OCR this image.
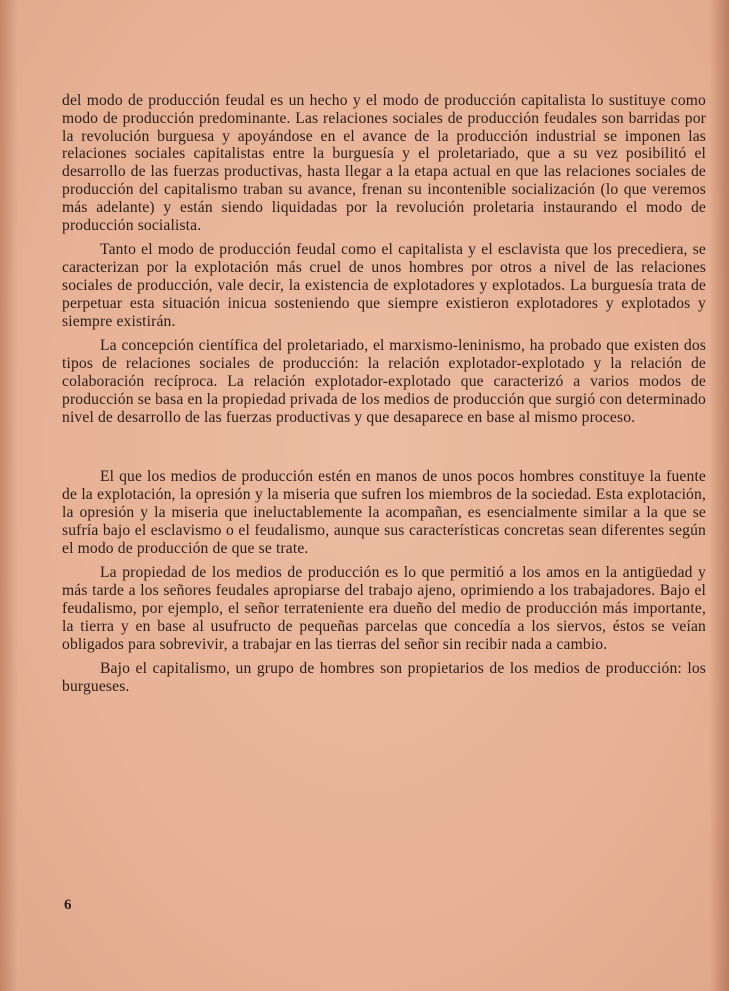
del modo de producción feudal es un hecho y el modo de producción capitalista lo sustituye como modo de producción predominante. Las relaciones sociales de producción feudales son barridas por la revolución burguesa y apoyándose en el avance de la producción industrial se imponen las relaciones sociales capitalistas entre la burguesía y el proletariado, que a su vez posibilitó el desarrollo de las fuerzas productivas, hasta llegar a la etapa actual en que las relaciones sociales de producción del capitalismo traban su avance, frenan su incontenible socialización (lo que veremos más adelante) y están siendo liquidadas por la revolución proletaria instaurando el modo de producción socialista.

Tanto el modo de producción feudal como el capitalista y el esclavista que los precediera, se caracterizan por la explotación más cruel de unos hombres por otros a nivel de las relaciones sociales de producción, vale decir, la existencia de explotadores y explotados. La burguesía trata de perpetuar esta situación inicua sosteniendo que siempre existieron explotadores y explotados y siempre existirán.

La concepción científica del proletariado, el marxismo-leninismo, ha probado que existen dos tipos de relaciones sociales de producción: la relación explotador-explotado y la relación de colaboración recíproca. La relación explotador-explotado que caracterizó a varios modos de producción se basa en la propiedad privada de los medios de producción que surgió con determinado nivel de desarrollo de las fuerzas productivas y que desaparece en base al mismo proceso.

El que los medios de producción estén en manos de unos pocos hombres constituye la fuente de la explotación, la opresión y la miseria que sufren los miembros de la sociedad. Esta explotación, la opresión y la miseria que ineluctablemente la acompañan, es esencialmente similar a la que se sufría bajo el esclavismo o el feudalismo, aunque sus características concretas sean diferentes según el modo de producción de que se trate.

La propiedad de los medios de producción es lo que permitió a los amos en la antigüedad y más tarde a los señores feudales apropiarse del trabajo ajeno, oprimiendo a los trabajadores. Bajo el feudalismo, por ejemplo, el señor terrateniente era dueño del medio de producción más importante, la tierra y en base al usufructo de pequeñas parcelas que concedía a los siervos, éstos se veían obligados para sobrevivir, a trabajar en las tierras del señor sin recibir nada a cambio.

Bajo el capitalismo, un grupo de hombres son propietarios de los medios de producción: los burgueses.

6
